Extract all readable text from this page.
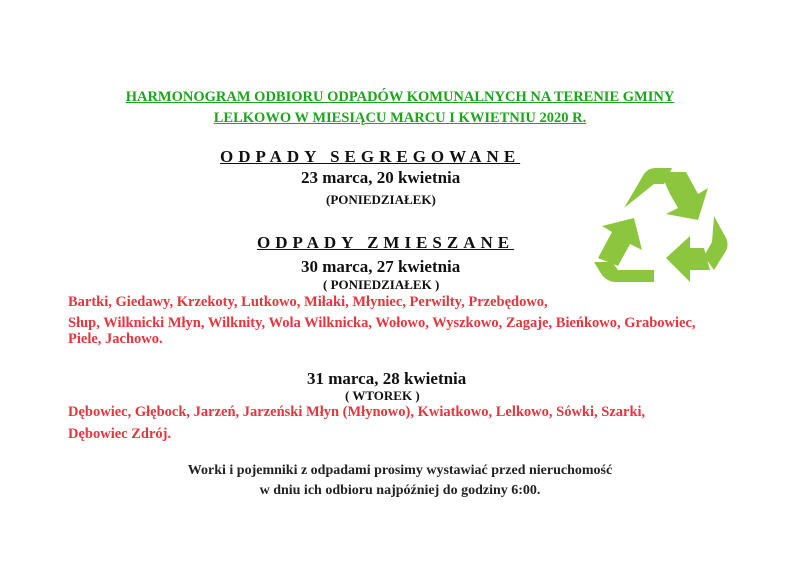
HARMONOGRAM ODBIORU ODPADÓW KOMUNALNYCH NA TERENIE GMINY
LELKOWO W MIESIĄCU MARCU I KWIETNIU 2020 R.
ODPADY SEGREGOWANE
23 marca, 20 kwietnia
(PONIEDZIAŁEK)
ODPADY ZMIESZANE
30 marca, 27 kwietnia
( PONIEDZIAŁEK )
Bartki, Giedawy, Krzekoty, Lutkowo, Miłaki, Młyniec, Perwilty, Przebędowo,
Słup, Wilknicki Młyn, Wilknity, Wola Wilknicka, Wołowo, Wyszkowo, Zagaje, Bieńkowo, Grabowiec,
Piele, Jachowo.
31 marca, 28 kwietnia
( WTOREK )
Dębowiec, Głębock, Jarzeń, Jarzeński Młyn (Młynowo), Kwiatkowo, Lelkowo, Sówki, Szarki,
Dębowiec Zdrój.
Worki i pojemniki z odpadami prosimy wystawiać przed nieruchomość
w dniu ich odbioru najpóźniej do godziny 6:00.
